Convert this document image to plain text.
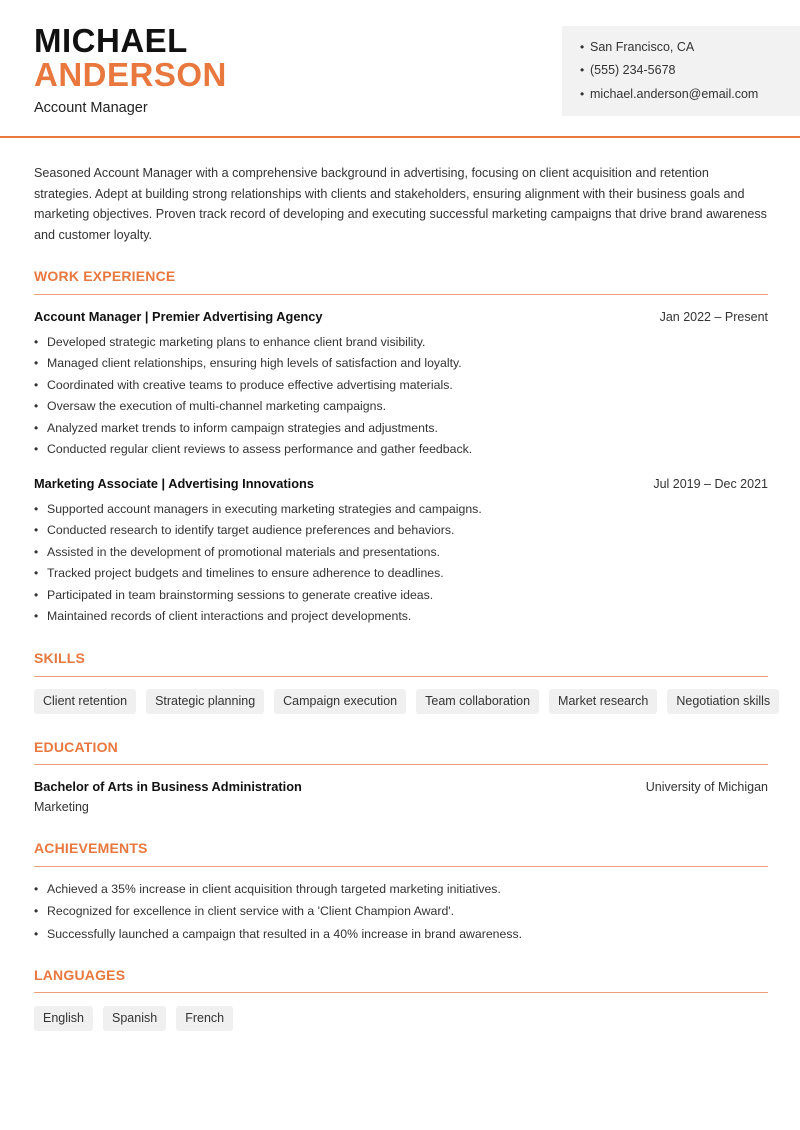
MICHAEL
ANDERSON
Account Manager
• San Francisco, CA
• (555) 234-5678
• michael.anderson@email.com

Seasoned Account Manager with a comprehensive background in advertising, focusing on client acquisition and retention strategies. Adept at building strong relationships with clients and stakeholders, ensuring alignment with their business goals and marketing objectives. Proven track record of developing and executing successful marketing campaigns that drive brand awareness and customer loyalty.

WORK EXPERIENCE
Account Manager | Premier Advertising Agency	Jan 2022 – Present
• Developed strategic marketing plans to enhance client brand visibility.
• Managed client relationships, ensuring high levels of satisfaction and loyalty.
• Coordinated with creative teams to produce effective advertising materials.
• Oversaw the execution of multi-channel marketing campaigns.
• Analyzed market trends to inform campaign strategies and adjustments.
• Conducted regular client reviews to assess performance and gather feedback.
Marketing Associate | Advertising Innovations	Jul 2019 – Dec 2021
• Supported account managers in executing marketing strategies and campaigns.
• Conducted research to identify target audience preferences and behaviors.
• Assisted in the development of promotional materials and presentations.
• Tracked project budgets and timelines to ensure adherence to deadlines.
• Participated in team brainstorming sessions to generate creative ideas.
• Maintained records of client interactions and project developments.
SKILLS
Client retention	Strategic planning	Campaign execution	Team collaboration	Market research	Negotiation skills
EDUCATION
Bachelor of Arts in Business Administration	University of Michigan
Marketing
ACHIEVEMENTS
• Achieved a 35% increase in client acquisition through targeted marketing initiatives.
• Recognized for excellence in client service with a 'Client Champion Award'.
• Successfully launched a campaign that resulted in a 40% increase in brand awareness.
LANGUAGES
English	Spanish	French
